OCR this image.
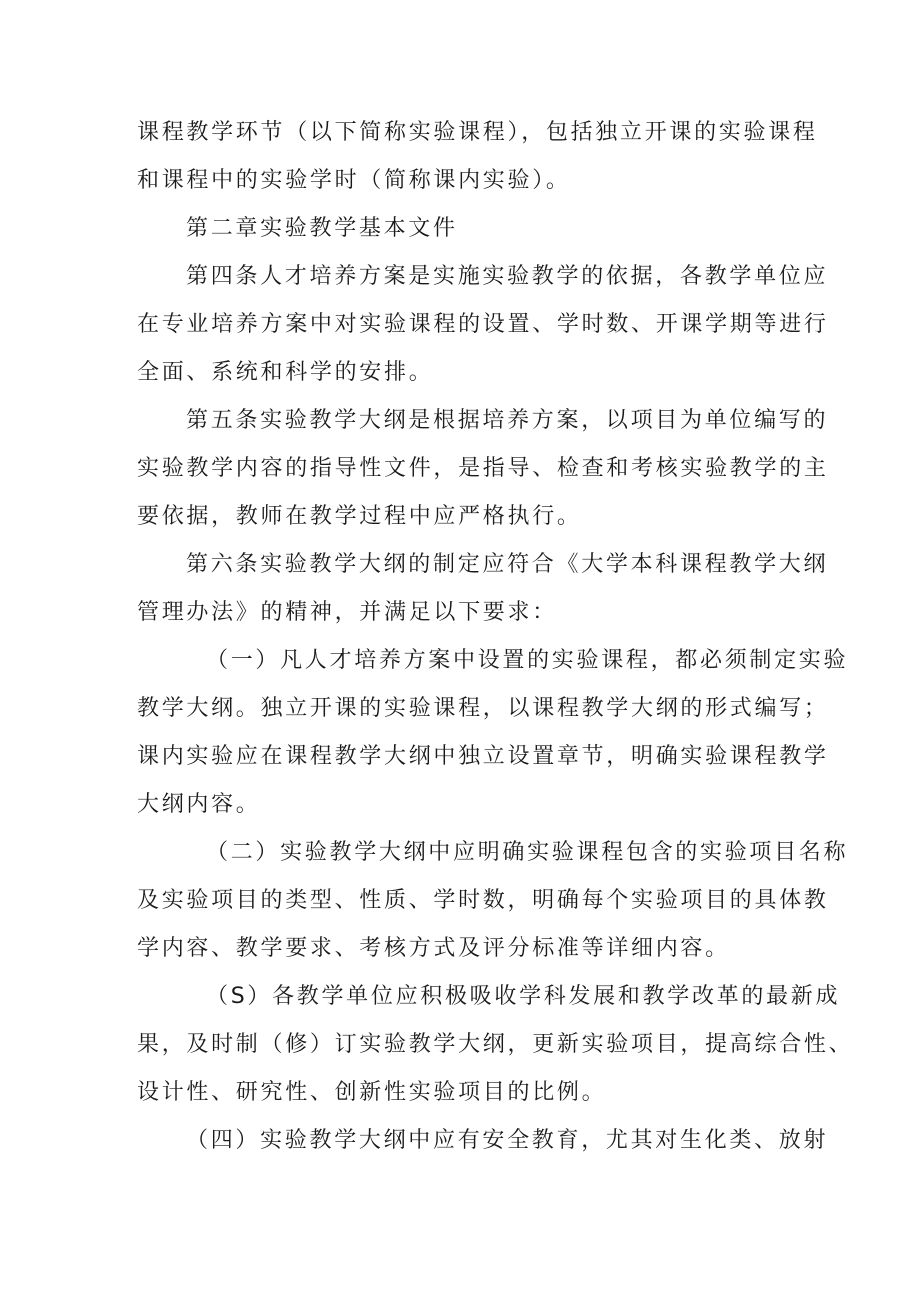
课程教学环节（以下简称实验课程），包括独立开课的实验课程

和课程中的实验学时（简称课内实验）。

第二章实验教学基本文件

第四条人才培养方案是实施实验教学的依据，各教学单位应

在专业培养方案中对实验课程的设置、学时数、开课学期等进行

全面、系统和科学的安排。

第五条实验教学大纲是根据培养方案，以项目为单位编写的

实验教学内容的指导性文件，是指导、检查和考核实验教学的主

要依据，教师在教学过程中应严格执行。

第六条实验教学大纲的制定应符合《大学本科课程教学大纲

管理办法》的精神，并满足以下要求：

（一）凡人才培养方案中设置的实验课程，都必须制定实验

教学大纲。独立开课的实验课程，以课程教学大纲的形式编写；

课内实验应在课程教学大纲中独立设置章节，明确实验课程教学

大纲内容。

（二）实验教学大纲中应明确实验课程包含的实验项目名称

及实验项目的类型、性质、学时数，明确每个实验项目的具体教

学内容、教学要求、考核方式及评分标准等详细内容。

（S）各教学单位应积极吸收学科发展和教学改革的最新成

果，及时制（修）订实验教学大纲，更新实验项目，提高综合性、

设计性、研究性、创新性实验项目的比例。

（四）实验教学大纲中应有安全教育，尤其对生化类、放射
